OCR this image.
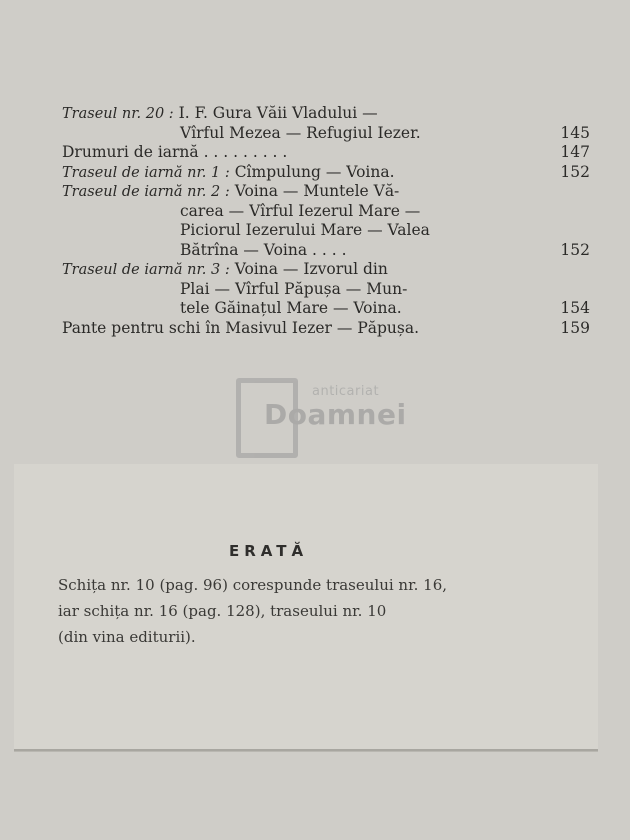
Traseul nr. 20 : I. F. Gura Văii Vladului —
Vîrful Mezea — Refugiul Iezer.	145
Drumuri de iarnă . . . . . . . . .	147
Traseul de iarnă nr. 1 : Cîmpulung — Voina.	152
Traseul de iarnă nr. 2 : Voina — Muntele Vă-
carea — Vîrful Iezerul Mare —
Piciorul Iezerului Mare — Valea
Bătrîna — Voina . . . .	152
Traseul de iarnă nr. 3 : Voina — Izvorul din
Plai — Vîrful Păpușa — Mun-
tele Găinațul Mare — Voina.	154
Pante pentru schi în Masivul Iezer — Păpușa.	159
anticariat
Doamnei
ERATĂ
Schița nr. 10 (pag. 96) corespunde traseului nr. 16,
iar schița nr. 16 (pag. 128), traseului nr. 10
(din vina editurii).
